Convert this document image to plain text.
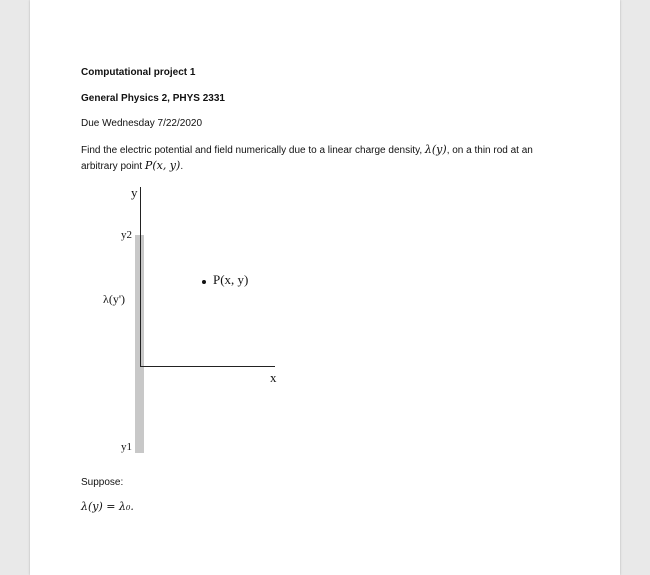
Computational project 1
General Physics 2, PHYS 2331
Due Wednesday 7/22/2020
Find the electric potential and field numerically due to a linear charge density, λ(y), on a thin rod at an
arbitrary point P(x, y).
y
x
y2
y1
λ(y')
P(x, y)
Suppose:
λ(y) = λ₀.
